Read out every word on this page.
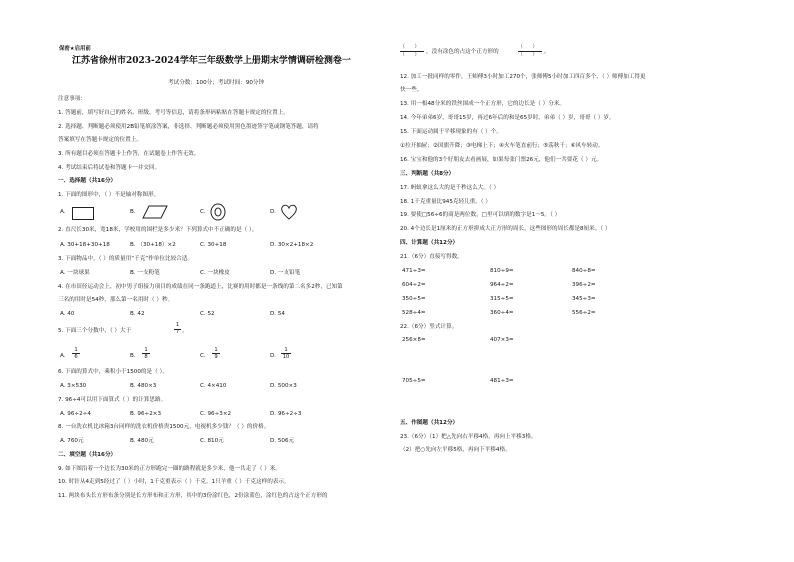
保密★启用前
江苏省徐州市2023-2024学年三年级数学上册期末学情调研检测卷一
考试分数：100分；考试时间：90分钟
注意事项：
1. 答题前，填写好自己的姓名、班级、考号等信息，请将条形码粘贴在答题卡规定的位置上。
2. 选择题、判断题必须使用2B铅笔填涂答案，非选择、判断题必须使用黑色墨迹签字笔或钢笔答题，请将
答案填写在答题卡规定的位置上。
3. 所有题目必须在答题卡上作答，在试题卷上作答无效。
4. 考试结束后将试卷和答题卡一并交回。
一、选择题（共16分）
1. 下面的图形中，（ ）不是轴对称图形。
A.	B.	C.	D.
2. 直尺长30米，宽18米，学校用的围栏是多少米？下列算式中不正确的是（ ）。
A. 30+18+30+18	B. （30+18）×2	C. 30+18	D. 30×2+18×2
3. 下面物品中，（ ）的质量用“千克”作单位比较合适。
A. 一块球果	B. 一支粉笔	C. 一块橡皮	D. 一支铅笔
4. 在市田径运动会上，初中男子组接力项目的成绩在同一条跑道上，比赛的用时都是一条线的第二名多2秒，已知第
三名的用时是54秒，那么第一名用时（ ）秒。
A. 40	B. 42	C. 52	D. 54
5. 下面三个分数中，（ ）大于	$\frac{1}{7}$ 。
A. $\frac{1}{6}$	B. $\frac{1}{8}$	C. $\frac{1}{9}$	D. $\frac{1}{10}$
6. 下面的算式中，乘积小于1500的是（ ）。
A. 3×530	B. 480×3	C. 4×410	D. 500×3
7. 96÷4可以用下面算式（ ）的计算思路。
A. 96÷2÷4	B. 96÷2×3	C. 96÷3×2	D. 96÷2÷3
8. 一台洗衣机比冰箱3台同样的洗衣机价格贵1500元，电视机多少钱？（ ）的价格。
A. 760元	B. 480元	C. 810元	D. 506元
二、填空题（共16分）
9. 如下图沿着一个边长为30米的正方形跑完一圈的路程就是多少米，他一共走了（ ）米。
10. 时针从4走到5经过了（ ）小时，1千克重表示（ ）千克。1只羊重（ ）千克这样的表示。
11. 两块布头长方形布条分别是长方形布和正方形，其中的3份涂红色，2份涂蓝色，涂红色的占这个正方形的
（      ）
（      ）	，没有涂色的占这个正方形的
（      ）
（      ）	。
12. 加工一批同样的零件，王师傅3小时加工270个，张师傅5小时加工四百多个，（ ）师傅加工得更
快一些。
13. 用一根48分米的铁丝围成一个正方形，它的边长是（ ）分米。
14. 今年弟弟6岁，哥哥15岁，再过6年后的和是65岁时，弟弟（ ）岁，哥哥（ ）岁。
15. 下面运动属于平移现象的有（ ）个。
①拉开抽屉；②国旗升降；③电梯上下；④火车笔直前行；⑤荡秋千；⑥风车转动。
16. 宝宝和他的3个好朋友去看画展，如果每张门票26元，他们一共要花（ ）元。
三、判断题（共8分）
17. 蚂蚁拿这么大的是千秒这么大。（ ）
18. 1千克重量比945克轻几重。（ ）
19. 要使□56÷6的商是两位数，□里可以填的数字是1～5。（ ）
20. 4个边长是1厘米的正方形拼成大正方形的周长，这些图形的周长都是8厘米。（ ）
四、计算题（共12分）
21.（6分）直接写得数。
471÷3=	810÷9=	840÷8=
604÷2=	964÷2=	396÷2=
350÷5=	315÷5=	345÷3=
528÷4=	360÷4=	556÷2=
22.（6分）竖式计算。
256×8=	407×3=
705÷5=	481÷3=
五、作图题（共12分）
23.（6分）（1）把△先向右平移4格，再向上平移3格。
（2）把○先向左平移5格，再向下平移4格。
